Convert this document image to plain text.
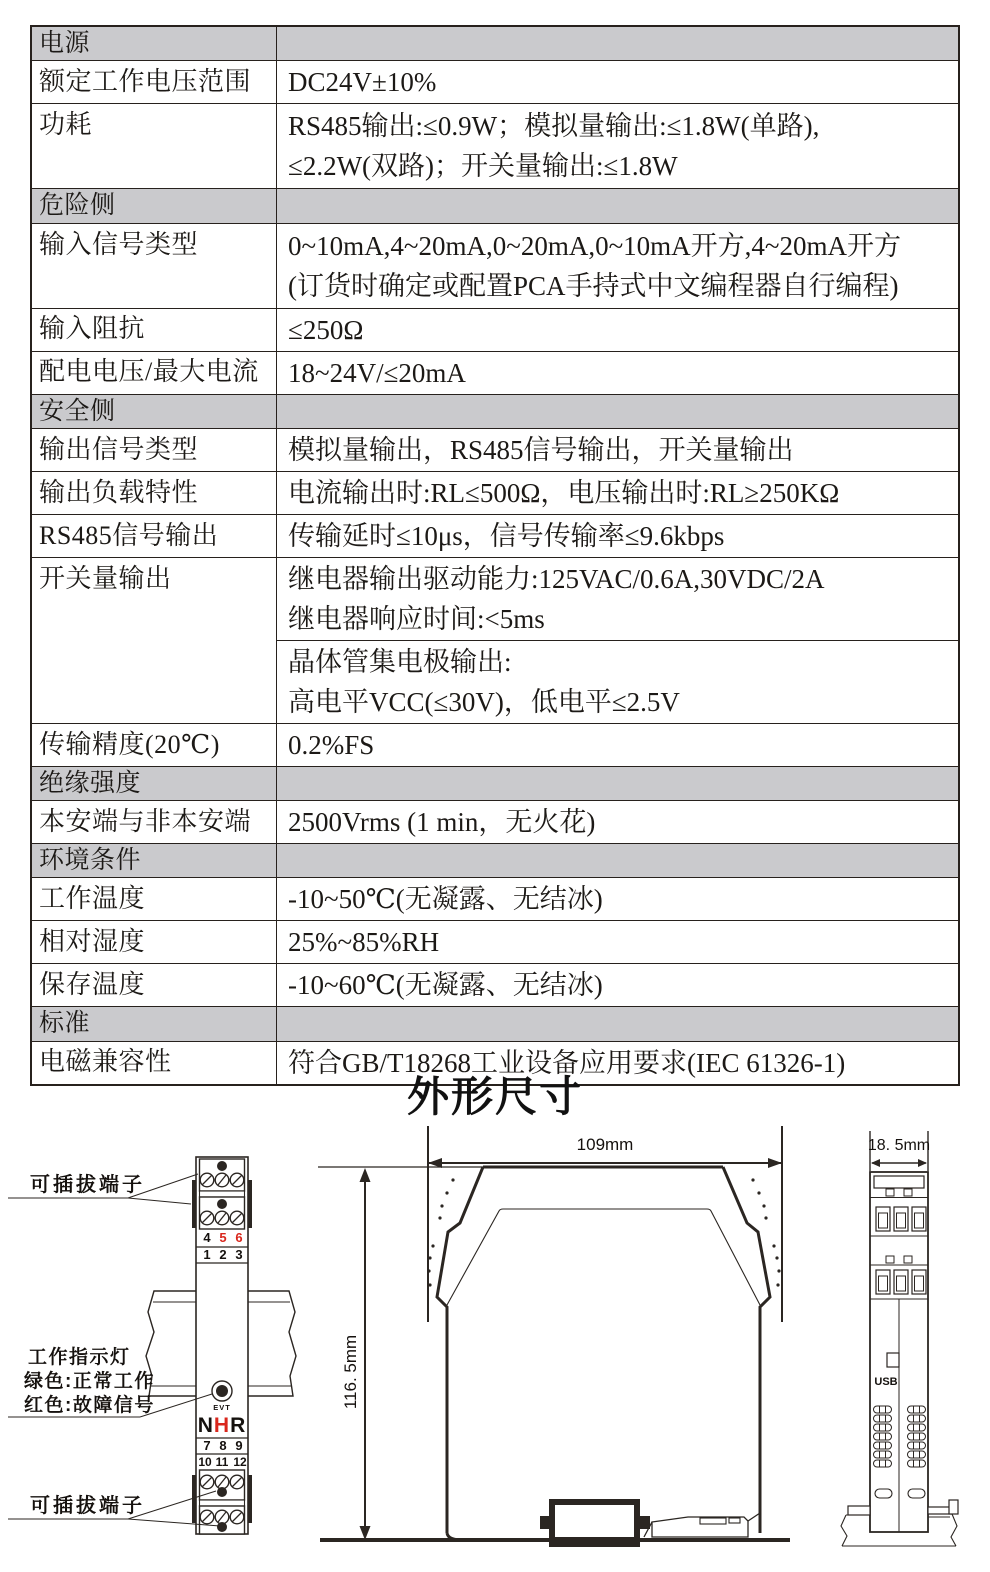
电源
额定工作电压范围	DC24V±10%
功耗	RS485输出:≤0.9W；模拟量输出:≤1.8W(单路),
≤2.2W(双路)；开关量输出:≤1.8W
危险侧
输入信号类型	0~10mA,4~20mA,0~20mA,0~10mA开方,4~20mA开方
(订货时确定或配置PCA手持式中文编程器自行编程)
输入阻抗	≤250Ω
配电电压/最大电流	18~24V/≤20mA
安全侧
输出信号类型	模拟量输出，RS485信号输出，开关量输出
输出负载特性	电流输出时:RL≤500Ω，电压输出时:RL≥250KΩ
RS485信号输出	传输延时≤10μs，信号传输率≤9.6kbps
开关量输出	继电器输出驱动能力:125VAC/0.6A,30VDC/2A
继电器响应时间:<5ms
晶体管集电极输出:
高电平VCC(≤30V)，低电平≤2.5V
传输精度(20℃)	0.2%FS
绝缘强度
本安端与非本安端	2500Vrms (1 min，无火花)
环境条件
工作温度	-10~50℃(无凝露、无结冰)
相对湿度	25%~85%RH
保存温度	-10~60℃(无凝露、无结冰)
标准
电磁兼容性	符合GB/T18268工业设备应用要求(IEC 61326-1)
外形尺寸
4 5 6
1 2 3
EVT
NHR
7 8 9
10 11 12
可插拔端子
工作指示灯
绿色:正常工作
红色:故障信号
可插拔端子
109mm
116. 5mm
18. 5mm
USB
